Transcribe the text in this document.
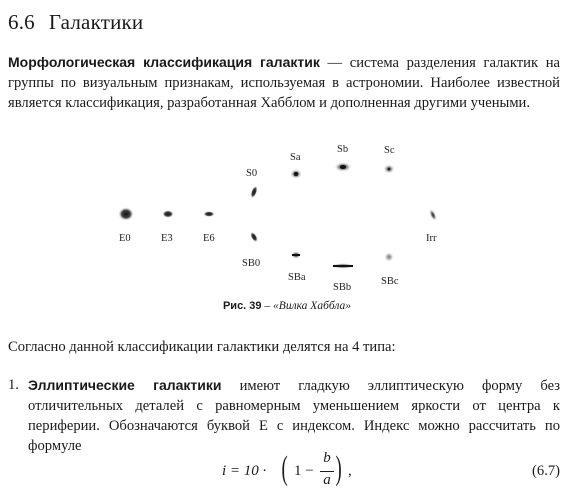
6.6 Галактики

Морфологическая классификация галактик — система разделения галактик на группы по визуальным признакам, используемая в астрономии. Наиболее известной является классификация, разработанная Хабблом и дополненная другими учеными.

E0	E3	E6
S0
Sa
Sb	Sc
Irr
SB0
SBa
SBb
SBc

Рис. 39 – «Вилка Хаббла»

Согласно данной классификации галактики делятся на 4 типа:

1. Эллиптические галактики имеют гладкую эллиптическую форму без отличительных деталей с равномерным уменьшением яркости от центра к периферии. Обозначаются буквой E с индексом. Индекс можно рассчитать по формуле

i = 10 · ( 1 −
b
a ) ,	(6.7)
